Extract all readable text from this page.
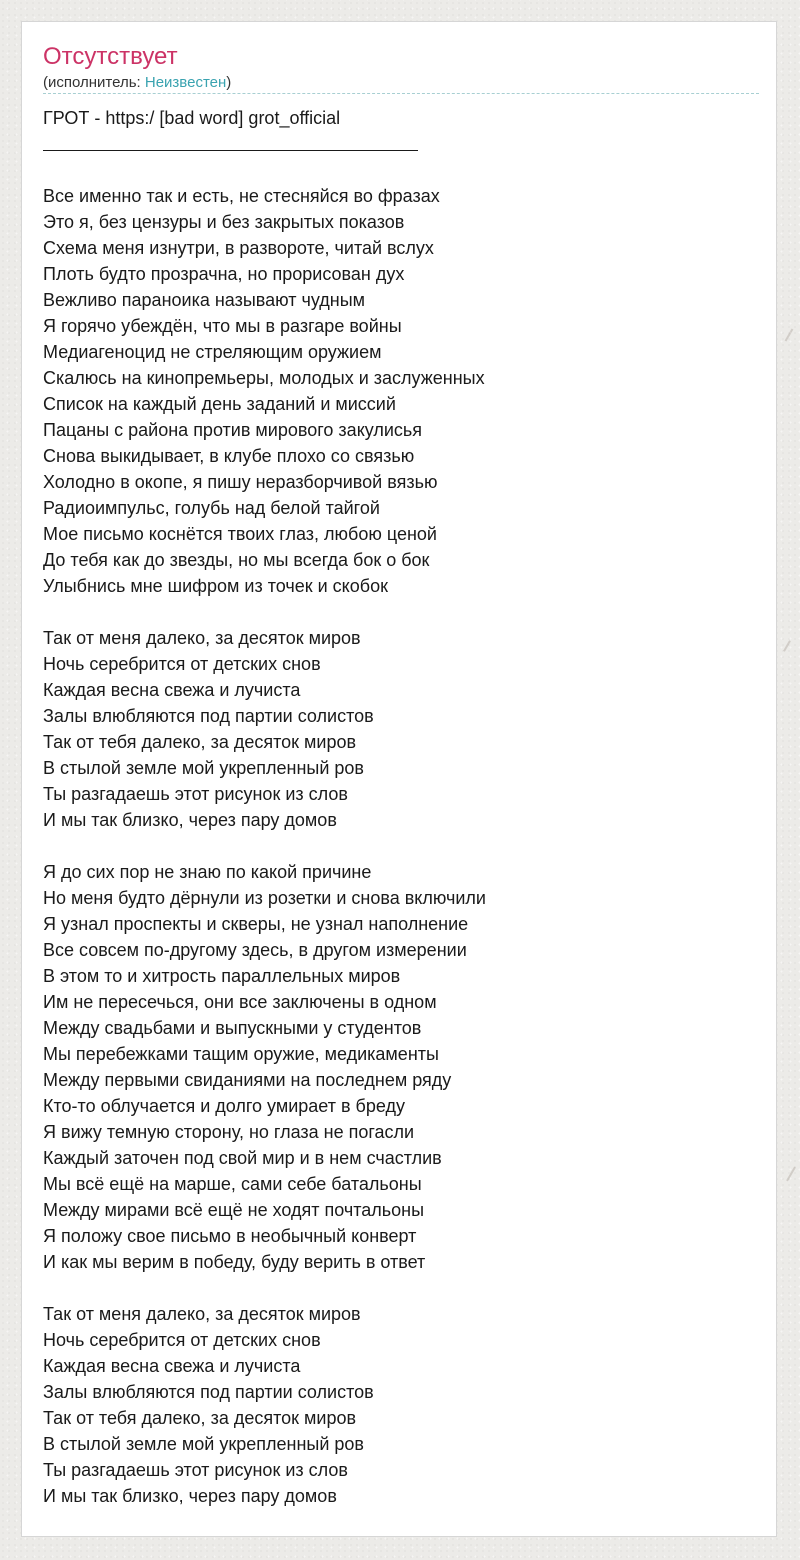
Отсутствует
(исполнитель: Неизвестен)
ГРОТ - https:/ [bad word] grot_official
Все именно так и есть, не стесняйся во фразах
Это я, без цензуры и без закрытых показов
Схема меня изнутри, в развороте, читай вслух
Плоть будто прозрачна, но прорисован дух
Вежливо параноика называют чудным
Я горячо убеждён, что мы в разгаре войны
Медиагеноцид не стреляющим оружием
Скалюсь на кинопремьеры, молодых и заслуженных
Список на каждый день заданий и миссий
Пацаны с района против мирового закулисья
Снова выкидывает, в клубе плохо со связью
Холодно в окопе, я пишу неразборчивой вязью
Радиоимпульс, голубь над белой тайгой
Мое письмо коснётся твоих глаз, любою ценой
До тебя как до звезды, но мы всегда бок о бок
Улыбнись мне шифром из точек и скобок
Так от меня далеко, за десяток миров
Ночь серебрится от детских снов
Каждая весна свежа и лучиста
Залы влюбляются под партии солистов
Так от тебя далеко, за десяток миров
В стылой земле мой укрепленный ров
Ты разгадаешь этот рисунок из слов
И мы так близко, через пару домов
Я до сих пор не знаю по какой причине
Но меня будто дёрнули из розетки и снова включили
Я узнал проспекты и скверы, не узнал наполнение
Все совсем по-другому здесь, в другом измерении
В этом то и хитрость параллельных миров
Им не пересечься, они все заключены в одном
Между свадьбами и выпускными у студентов
Мы перебежками тащим оружие, медикаменты
Между первыми свиданиями на последнем ряду
Кто-то облучается и долго умирает в бреду
Я вижу темную сторону, но глаза не погасли
Каждый заточен под свой мир и в нем счастлив
Мы всё ещё на марше, сами себе батальоны
Между мирами всё ещё не ходят почтальоны
Я положу свое письмо в необычный конверт
И как мы верим в победу, буду верить в ответ
Так от меня далеко, за десяток миров
Ночь серебрится от детских снов
Каждая весна свежа и лучиста
Залы влюбляются под партии солистов
Так от тебя далеко, за десяток миров
В стылой земле мой укрепленный ров
Ты разгадаешь этот рисунок из слов
И мы так близко, через пару домов
